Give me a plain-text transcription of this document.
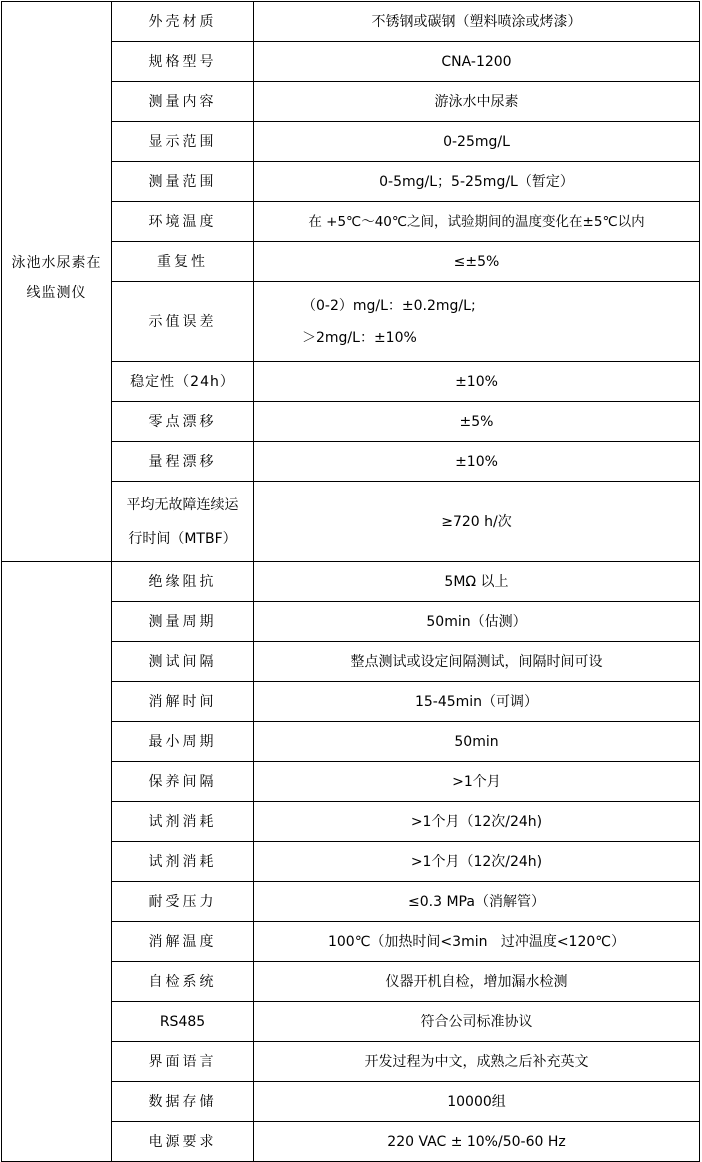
泳池水尿素在
线监测仪	外壳材质	不锈钢或碳钢（塑料喷涂或烤漆）
	规格型号	CNA-1200
	测量内容	游泳水中尿素
	显示范围	0-25mg/L
	测量范围	0-5mg/L；5-25mg/L（暂定）
	环境温度	在 +5℃～40℃之间，试验期间的温度变化在±5℃以内
	重复性	≤±5%
	示值误差	（0-2）mg/L：±0.2mg/L;
＞2mg/L：±10%

	稳定性（24h）	±10%
	零点漂移	±5%
	量程漂移	±10%

	平均无故障连续运
行时间（MTBF）	≥720 h/次
	绝缘阻抗	5MΩ 以上
	测量周期	50min（估测）
	测试间隔	整点测试或设定间隔测试，间隔时间可设
	消解时间	15-45min（可调）
	最小周期	50min
	保养间隔	>1个月
	试剂消耗	>1个月（12次/24h)
	试剂消耗	>1个月（12次/24h)
	耐受压力	≤0.3 MPa（消解管）
	消解温度	100℃（加热时间<3min   过冲温度<120℃）
	自检系统	仪器开机自检，增加漏水检测
	RS485	符合公司标准协议
	界面语言	开发过程为中文，成熟之后补充英文
	数据存储	10000组
	电源要求	220 VAC ± 10%/50-60 Hz
